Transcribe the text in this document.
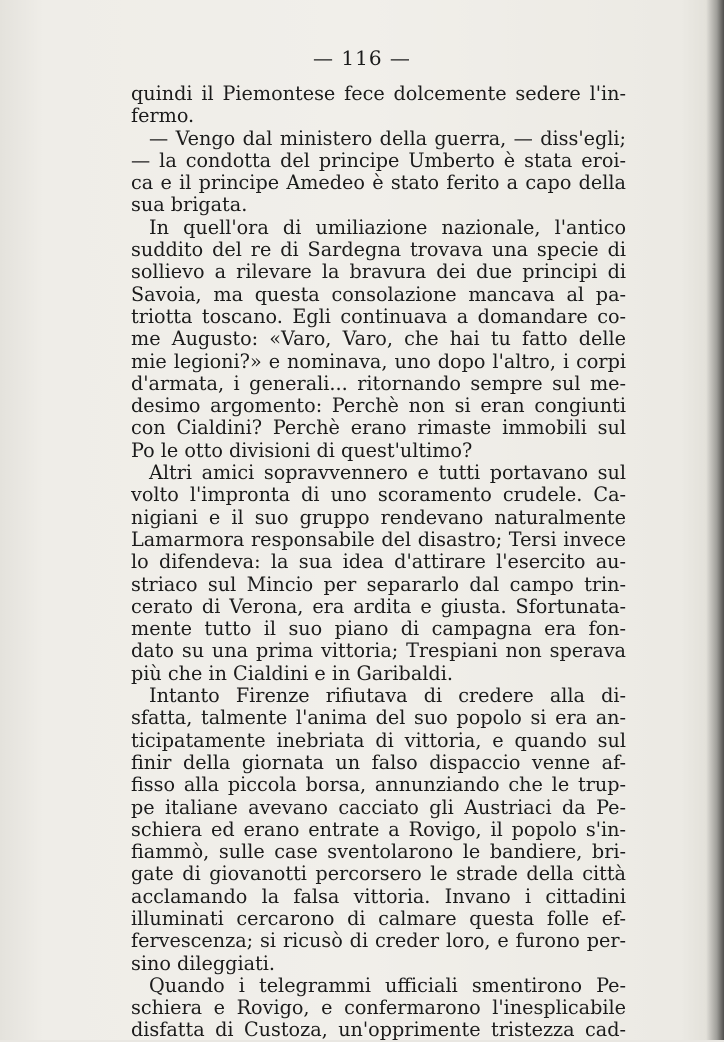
— 116 —
quindi il Piemontese fece dolcemente sedere l'in-
fermo.
— Vengo dal ministero della guerra, — diss'egli;
— la condotta del principe Umberto è stata eroi-
ca e il principe Amedeo è stato ferito a capo della
sua brigata.
In quell'ora di umiliazione nazionale, l'antico
suddito del re di Sardegna trovava una specie di
sollievo a rilevare la bravura dei due principi di
Savoia, ma questa consolazione mancava al pa-
triotta toscano. Egli continuava a domandare co-
me Augusto: «Varo, Varo, che hai tu fatto delle
mie legioni?» e nominava, uno dopo l'altro, i corpi
d'armata, i generali... ritornando sempre sul me-
desimo argomento: Perchè non si eran congiunti
con Cialdini? Perchè erano rimaste immobili sul
Po le otto divisioni di quest'ultimo?
Altri amici sopravvennero e tutti portavano sul
volto l'impronta di uno scoramento crudele. Ca-
nigiani e il suo gruppo rendevano naturalmente
Lamarmora responsabile del disastro; Tersi invece
lo difendeva: la sua idea d'attirare l'esercito au-
striaco sul Mincio per separarlo dal campo trin-
cerato di Verona, era ardita e giusta. Sfortunata-
mente tutto il suo piano di campagna era fon-
dato su una prima vittoria; Trespiani non sperava
più che in Cialdini e in Garibaldi.
Intanto Firenze rifiutava di credere alla di-
sfatta, talmente l'anima del suo popolo si era an-
ticipatamente inebriata di vittoria, e quando sul
finir della giornata un falso dispaccio venne af-
fisso alla piccola borsa, annunziando che le trup-
pe italiane avevano cacciato gli Austriaci da Pe-
schiera ed erano entrate a Rovigo, il popolo s'in-
fiammò, sulle case sventolarono le bandiere, bri-
gate di giovanotti percorsero le strade della città
acclamando la falsa vittoria. Invano i cittadini
illuminati cercarono di calmare questa folle ef-
fervescenza; si ricusò di creder loro, e furono per-
sino dileggiati.
Quando i telegrammi ufficiali smentirono Pe-
schiera e Rovigo, e confermarono l'inesplicabile
disfatta di Custoza, un'opprimente tristezza cad-
